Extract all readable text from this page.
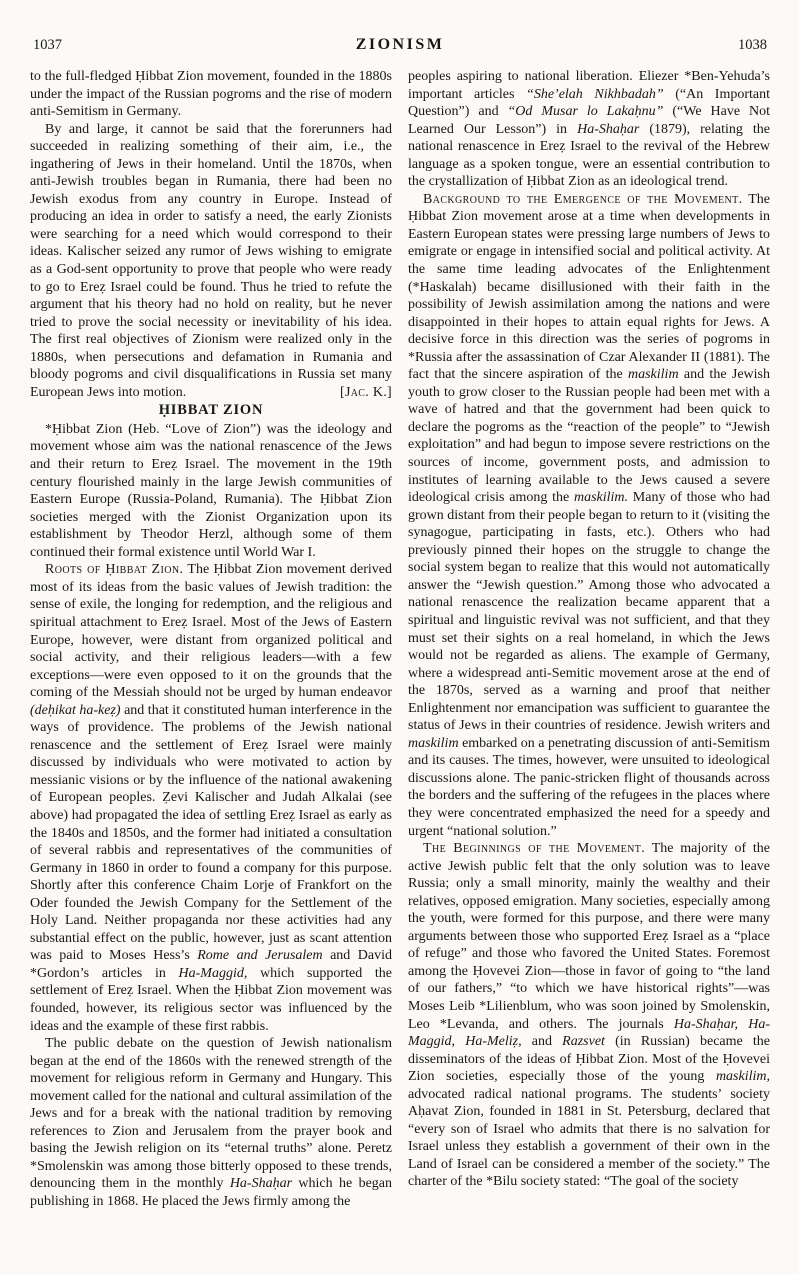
1037	ZIONISM	1038

to the full-fledged Ḥibbat Zion movement, founded in the 1880s under the impact of the Russian pogroms and the rise of modern anti-Semitism in Germany.

By and large, it cannot be said that the forerunners had succeeded in realizing something of their aim, i.e., the ingathering of Jews in their homeland. Until the 1870s, when anti-Jewish troubles began in Rumania, there had been no Jewish exodus from any country in Europe. Instead of producing an idea in order to satisfy a need, the early Zionists were searching for a need which would correspond to their ideas. Kalischer seized any rumor of Jews wishing to emigrate as a God-sent opportunity to prove that people who were ready to go to Ereẓ Israel could be found. Thus he tried to refute the argument that his theory had no hold on reality, but he never tried to prove the social necessity or inevitability of his idea. The first real objectives of Zionism were realized only in the 1880s, when persecutions and defamation in Rumania and bloody pogroms and civil disqualifications in Russia set many European Jews into motion.	[Jac. K.]

ḤIBBAT ZION

*Ḥibbat Zion (Heb. “Love of Zion”) was the ideology and movement whose aim was the national renascence of the Jews and their return to Ereẓ Israel. The movement in the 19th century flourished mainly in the large Jewish communities of Eastern Europe (Russia-Poland, Rumania). The Ḥibbat Zion societies merged with the Zionist Organization upon its establishment by Theodor Herzl, although some of them continued their formal existence until World War I.

Roots of Ḥibbat Zion. The Ḥibbat Zion movement derived most of its ideas from the basic values of Jewish tradition: the sense of exile, the longing for redemption, and the religious and spiritual attachment to Ereẓ Israel. Most of the Jews of Eastern Europe, however, were distant from organized political and social activity, and their religious leaders—with a few exceptions—were even opposed to it on the grounds that the coming of the Messiah should not be urged by human endeavor (deḥikat ha-keẓ) and that it constituted human interference in the ways of providence. The problems of the Jewish national renascence and the settlement of Ereẓ Israel were mainly discussed by individuals who were motivated to action by messianic visions or by the influence of the national awakening of European peoples. Ẓevi Kalischer and Judah Alkalai (see above) had propagated the idea of settling Ereẓ Israel as early as the 1840s and 1850s, and the former had initiated a consultation of several rabbis and representatives of the communities of Germany in 1860 in order to found a company for this purpose. Shortly after this conference Chaim Lorje of Frankfort on the Oder founded the Jewish Company for the Settlement of the Holy Land. Neither propaganda nor these activities had any substantial effect on the public, however, just as scant attention was paid to Moses Hess’s Rome and Jerusalem and David *Gordon’s articles in Ha-Maggid, which supported the settlement of Ereẓ Israel. When the Ḥibbat Zion movement was founded, however, its religious sector was influenced by the ideas and the example of these first rabbis.

The public debate on the question of Jewish nationalism began at the end of the 1860s with the renewed strength of the movement for religious reform in Germany and Hungary. This movement called for the national and cultural assimilation of the Jews and for a break with the national tradition by removing references to Zion and Jerusalem from the prayer book and basing the Jewish religion on its “eternal truths” alone. Peretz *Smolenskin was among those bitterly opposed to these trends, denouncing them in the monthly Ha-Shaḥar which he began publishing in 1868. He placed the Jews firmly among the

peoples aspiring to national liberation. Eliezer *Ben-Yehuda’s important articles “She’elah Nikhbadah” (“An Important Question”) and “Od Musar lo Lakaḥnu” (“We Have Not Learned Our Lesson”) in Ha-Shaḥar (1879), relating the national renascence in Ereẓ Israel to the revival of the Hebrew language as a spoken tongue, were an essential contribution to the crystallization of Ḥibbat Zion as an ideological trend.

Background to the Emergence of the Movement. The Ḥibbat Zion movement arose at a time when developments in Eastern European states were pressing large numbers of Jews to emigrate or engage in intensified social and political activity. At the same time leading advocates of the Enlightenment (*Haskalah) became disillusioned with their faith in the possibility of Jewish assimilation among the nations and were disappointed in their hopes to attain equal rights for Jews. A decisive force in this direction was the series of pogroms in *Russia after the assassination of Czar Alexander II (1881). The fact that the sincere aspiration of the maskilim and the Jewish youth to grow closer to the Russian people had been met with a wave of hatred and that the government had been quick to declare the pogroms as the “reaction of the people” to “Jewish exploitation” and had begun to impose severe restrictions on the sources of income, government posts, and admission to institutes of learning available to the Jews caused a severe ideological crisis among the maskilim. Many of those who had grown distant from their people began to return to it (visiting the synagogue, participating in fasts, etc.). Others who had previously pinned their hopes on the struggle to change the social system began to realize that this would not automatically answer the “Jewish question.” Among those who advocated a national renascence the realization became apparent that a spiritual and linguistic revival was not sufficient, and that they must set their sights on a real homeland, in which the Jews would not be regarded as aliens. The example of Germany, where a widespread anti-Semitic movement arose at the end of the 1870s, served as a warning and proof that neither Enlightenment nor emancipation was sufficient to guarantee the status of Jews in their countries of residence. Jewish writers and maskilim embarked on a penetrating discussion of anti-Semitism and its causes. The times, however, were unsuited to ideological discussions alone. The panic-stricken flight of thousands across the borders and the suffering of the refugees in the places where they were concentrated emphasized the need for a speedy and urgent “national solution.”

The Beginnings of the Movement. The majority of the active Jewish public felt that the only solution was to leave Russia; only a small minority, mainly the wealthy and their relatives, opposed emigration. Many societies, especially among the youth, were formed for this purpose, and there were many arguments between those who supported Ereẓ Israel as a “place of refuge” and those who favored the United States. Foremost among the Ḥovevei Zion—those in favor of going to “the land of our fathers,” “to which we have historical rights”—was Moses Leib *Lilienblum, who was soon joined by Smolenskin, Leo *Levanda, and others. The journals Ha-Shaḥar, Ha-Maggid, Ha-Meliẓ, and Razsvet (in Russian) became the disseminators of the ideas of Ḥibbat Zion. Most of the Ḥovevei Zion societies, especially those of the young maskilim, advocated radical national programs. The students’ society Aḥavat Zion, founded in 1881 in St. Petersburg, declared that “every son of Israel who admits that there is no salvation for Israel unless they establish a government of their own in the Land of Israel can be considered a member of the society.” The charter of the *Bilu society stated: “The goal of the society
